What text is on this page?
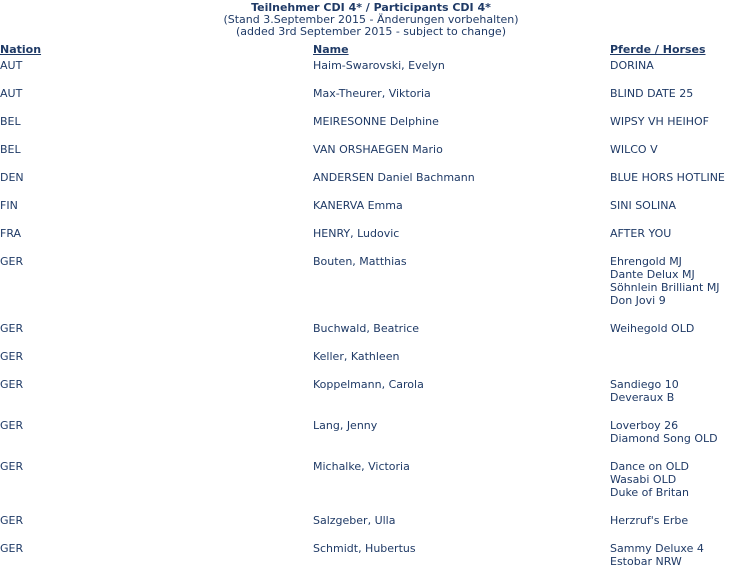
Teilnehmer CDI 4* / Participants CDI 4*
(Stand 3.September 2015 - Änderungen vorbehalten)
(added 3rd September 2015 - subject to change)
Nation	Name	Pferde / Horses
AUT	Haim-Swarovski, Evelyn	DORINA
AUT	Max-Theurer, Viktoria	BLIND DATE 25
BEL	MEIRESONNE Delphine	WIPSY VH HEIHOF
BEL	VAN ORSHAEGEN Mario	WILCO V
DEN	ANDERSEN Daniel Bachmann	BLUE HORS HOTLINE
FIN	KANERVA Emma	SINI SOLINA
FRA	HENRY, Ludovic	AFTER YOU
GER	Bouten, Matthias	Ehrengold MJ
Dante Delux MJ
Söhnlein Brilliant MJ
Don Jovi 9
GER	Buchwald, Beatrice	Weihegold OLD
GER	Keller, Kathleen
GER	Koppelmann, Carola	Sandiego 10
Deveraux B
GER	Lang, Jenny	Loverboy 26
Diamond Song OLD
GER	Michalke, Victoria	Dance on OLD
Wasabi OLD
Duke of Britan
GER	Salzgeber, Ulla	Herzruf's Erbe
GER	Schmidt, Hubertus	Sammy Deluxe 4
Estobar NRW
